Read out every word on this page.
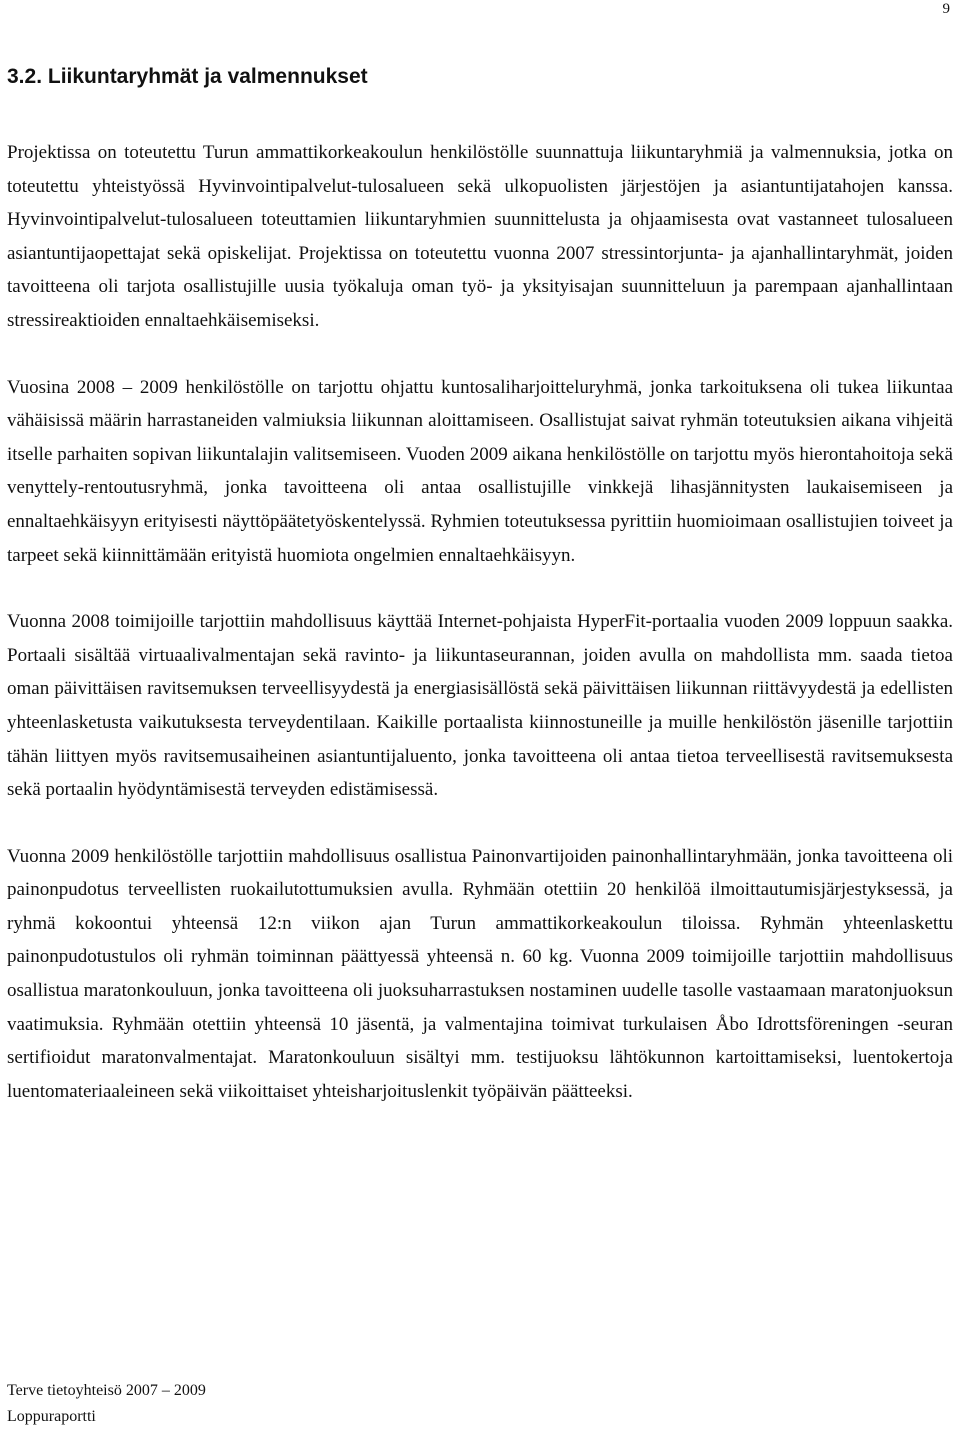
9
3.2. Liikuntaryhmät ja valmennukset

Projektissa on toteutettu Turun ammattikorkeakoulun henkilöstölle suunnattuja liikuntaryhmiä ja valmennuksia, jotka on toteutettu yhteistyössä Hyvinvointipalvelut-tulosalueen sekä ulkopuolisten järjestöjen ja asiantuntijatahojen kanssa. Hyvinvointipalvelut-tulosalueen toteuttamien liikuntaryhmien suunnittelusta ja ohjaamisesta ovat vastanneet tulosalueen asiantuntijaopettajat sekä opiskelijat. Projektissa on toteutettu vuonna 2007 stressintorjunta- ja ajanhallintaryhmät, joiden tavoitteena oli tarjota osallistujille uusia työkaluja oman työ- ja yksityisajan suunnitteluun ja parempaan ajanhallintaan stressireaktioiden ennaltaehkäisemiseksi.

Vuosina 2008 – 2009 henkilöstölle on tarjottu ohjattu kuntosaliharjoitteluryhmä, jonka tarkoituksena oli tukea liikuntaa vähäisissä määrin harrastaneiden valmiuksia liikunnan aloittamiseen. Osallistujat saivat ryhmän toteutuksien aikana vihjeitä itselle parhaiten sopivan liikuntalajin valitsemiseen. Vuoden 2009 aikana henkilöstölle on tarjottu myös hierontahoitoja sekä venyttely-rentoutusryhmä, jonka tavoitteena oli antaa osallistujille vinkkejä lihasjännitysten laukaisemiseen ja ennaltaehkäisyyn erityisesti näyttöpäätetyöskentelyssä. Ryhmien toteutuksessa pyrittiin huomioimaan osallistujien toiveet ja tarpeet sekä kiinnittämään erityistä huomiota ongelmien ennaltaehkäisyyn.

Vuonna 2008 toimijoille tarjottiin mahdollisuus käyttää Internet-pohjaista HyperFit-portaalia vuoden 2009 loppuun saakka. Portaali sisältää virtuaalivalmentajan sekä ravinto- ja liikuntaseurannan, joiden avulla on mahdollista mm. saada tietoa oman päivittäisen ravitsemuksen terveellisyydestä ja energiasisällöstä sekä päivittäisen liikunnan riittävyydestä ja edellisten yhteenlasketusta vaikutuksesta terveydentilaan. Kaikille portaalista kiinnostuneille ja muille henkilöstön jäsenille tarjottiin tähän liittyen myös ravitsemusaiheinen asiantuntijaluento, jonka tavoitteena oli antaa tietoa terveellisestä ravitsemuksesta sekä portaalin hyödyntämisestä terveyden edistämisessä.

Vuonna 2009 henkilöstölle tarjottiin mahdollisuus osallistua Painonvartijoiden painonhallintaryhmään, jonka tavoitteena oli painonpudotus terveellisten ruokailutottumuksien avulla. Ryhmään otettiin 20 henkilöä ilmoittautumisjärjestyksessä, ja ryhmä kokoontui yhteensä 12:n viikon ajan Turun ammattikorkeakoulun tiloissa. Ryhmän yhteenlaskettu painonpudotustulos oli ryhmän toiminnan päättyessä yhteensä n. 60 kg. Vuonna 2009 toimijoille tarjottiin mahdollisuus osallistua maratonkouluun, jonka tavoitteena oli juoksuharrastuksen nostaminen uudelle tasolle vastaamaan maratonjuoksun vaatimuksia. Ryhmään otettiin yhteensä 10 jäsentä, ja valmentajina toimivat turkulaisen Åbo Idrottsföreningen -seuran sertifioidut maratonvalmentajat. Maratonkouluun sisältyi mm. testijuoksu lähtökunnon kartoittamiseksi, luentokertoja luentomateriaaleineen sekä viikoittaiset yhteisharjoituslenkit työpäivän päätteeksi.

Terve tietoyhteisö 2007 – 2009
Loppuraportti
